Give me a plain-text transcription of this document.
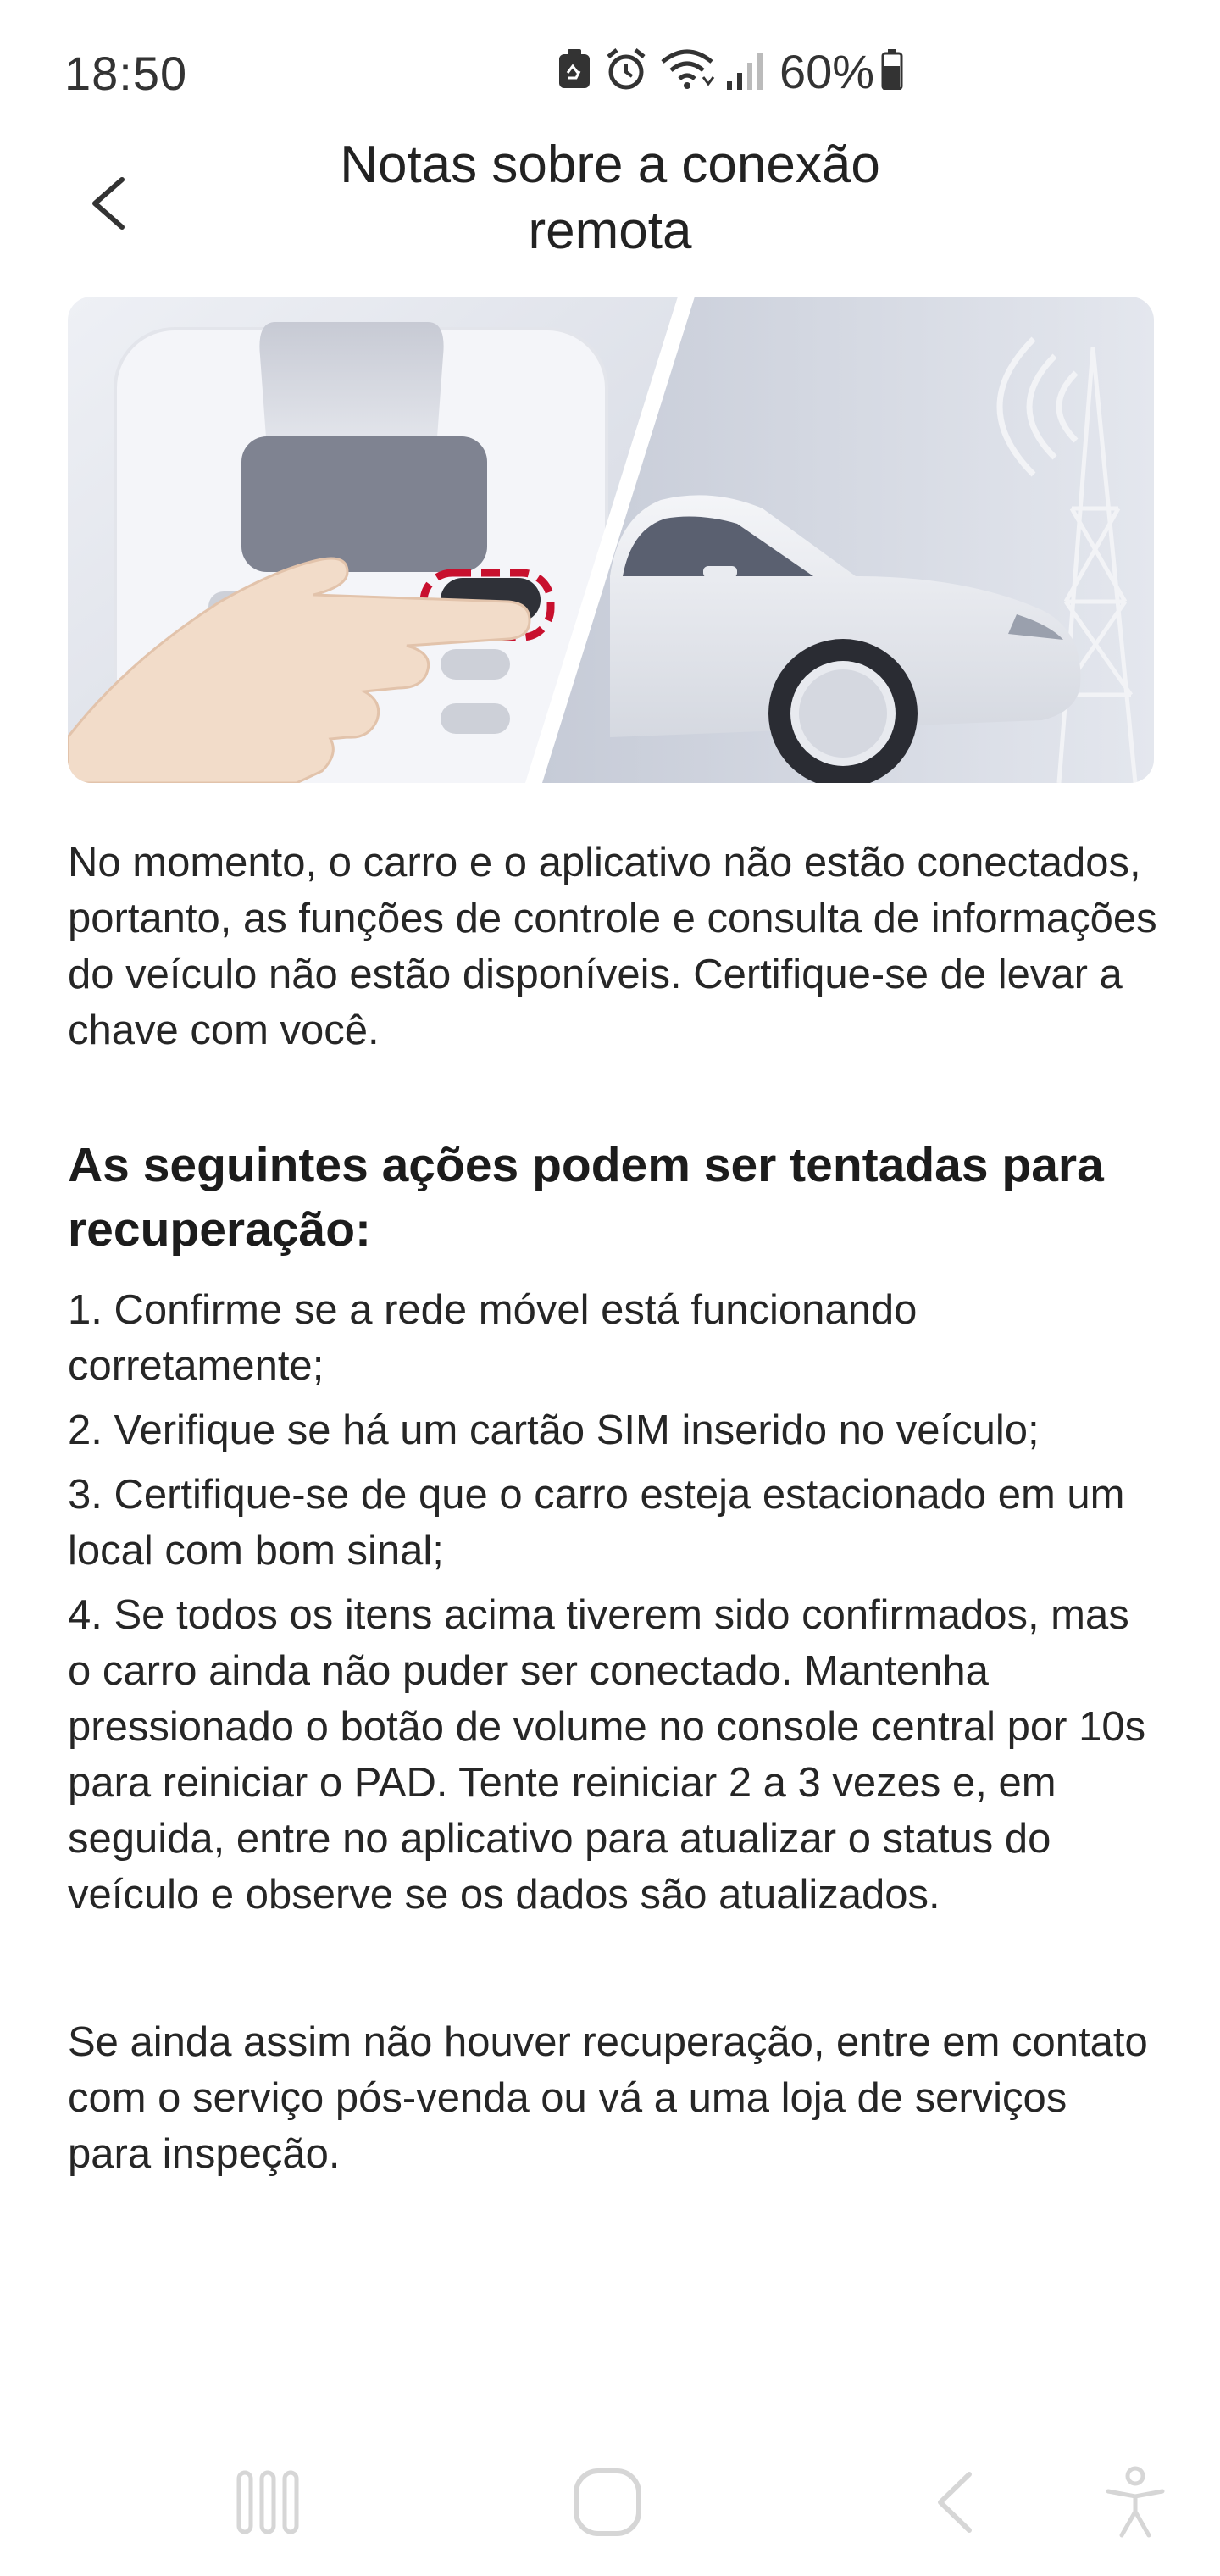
18:50	60%
Notas sobre a conexão remota

No momento, o carro e o aplicativo não estão conectados, portanto, as funções de controle e consulta de informações do veículo não estão disponíveis. Certifique-se de levar a chave com você.

As seguintes ações podem ser tentadas para recuperação:
1. Confirme se a rede móvel está funcionando corretamente;
2. Verifique se há um cartão SIM inserido no veículo;
3. Certifique-se de que o carro esteja estacionado em um local com bom sinal;
4. Se todos os itens acima tiverem sido confirmados, mas o carro ainda não puder ser conectado. Mantenha pressionado o botão de volume no console central por 10s para reiniciar o PAD. Tente reiniciar 2 a 3 vezes e, em seguida, entre no aplicativo para atualizar o status do veículo e observe se os dados são atualizados.

Se ainda assim não houver recuperação, entre em contato com o serviço pós-venda ou vá a uma loja de serviços para inspeção.
